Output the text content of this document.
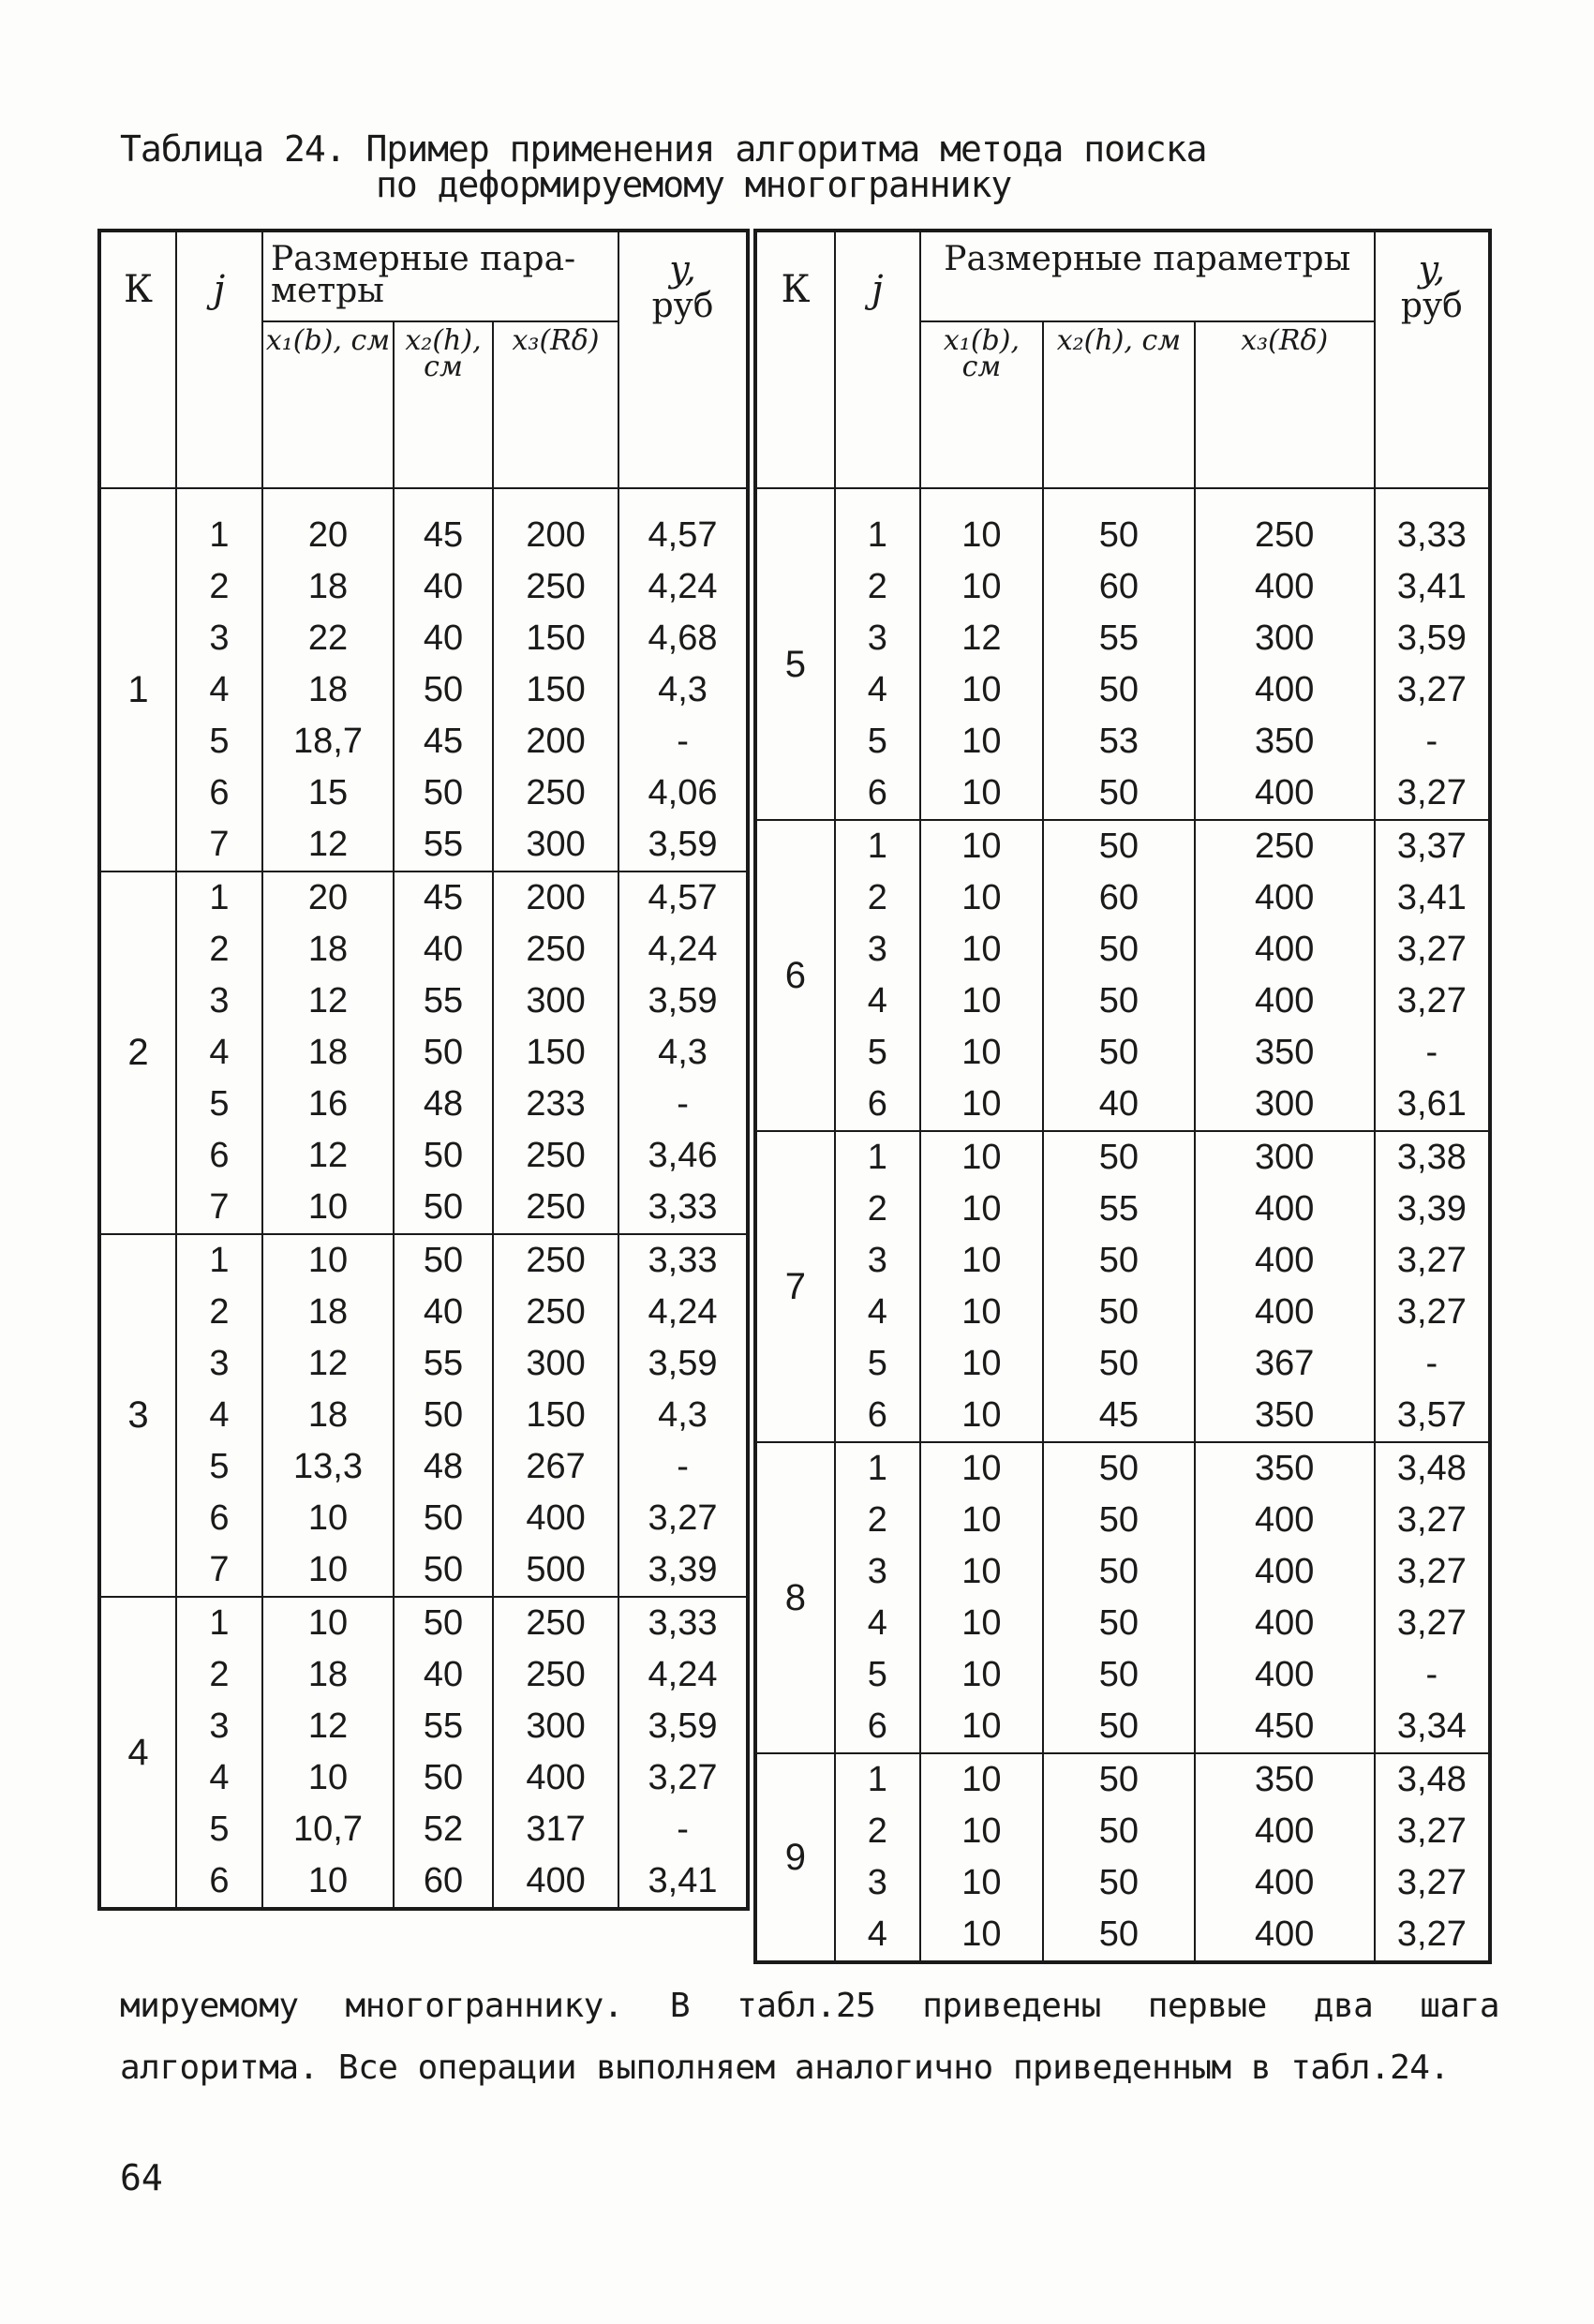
Таблица 24. Пример применения алгоритма метода поиска
по деформируемому многограннику
К	j	Размерные пара- метры			y,
руб
		x₁(b), см	x₂(h), см	x₃(Rδ)	

1	1	20	45	200	4,57
	2	18	40	250	4,24
	3	22	40	150	4,68
	4	18	50	150	4,3
	5	18,7	45	200	-
	6	15	50	250	4,06
	7	12	55	300	3,59
2	1	20	45	200	4,57
	2	18	40	250	4,24
	3	12	55	300	3,59
	4	18	50	150	4,3
	5	16	48	233	-
	6	12	50	250	3,46
	7	10	50	250	3,33
3	1	10	50	250	3,33
	2	18	40	250	4,24
	3	12	55	300	3,59
	4	18	50	150	4,3
	5	13,3	48	267	-
	6	10	50	400	3,27
	7	10	50	500	3,39
4	1	10	50	250	3,33
	2	18	40	250	4,24
	3	12	55	300	3,59
	4	10	50	400	3,27
	5	10,7	52	317	-
	6	10	60	400	3,41
К	j	Размерные параметры			y,
руб
		x₁(b), см	x₂(h), см	x₃(Rδ)	

5	1	10	50	250	3,33
	2	10	60	400	3,41
	3	12	55	300	3,59
	4	10	50	400	3,27
	5	10	53	350	-
	6	10	50	400	3,27
6	1	10	50	250	3,37
	2	10	60	400	3,41
	3	10	50	400	3,27
	4	10	50	400	3,27
	5	10	50	350	-
	6	10	40	300	3,61
7	1	10	50	300	3,38
	2	10	55	400	3,39
	3	10	50	400	3,27
	4	10	50	400	3,27
	5	10	50	367	-
	6	10	45	350	3,57
8	1	10	50	350	3,48
	2	10	50	400	3,27
	3	10	50	400	3,27
	4	10	50	400	3,27
	5	10	50	400	-
	6	10	50	450	3,34
9	1	10	50	350	3,48
	2	10	50	400	3,27
	3	10	50	400	3,27
	4	10	50	400	3,27
мируемому многограннику. В табл.25 приведены первые два шага алгоритма. Все операции выполняем аналогично приведенным в табл.24.
64
